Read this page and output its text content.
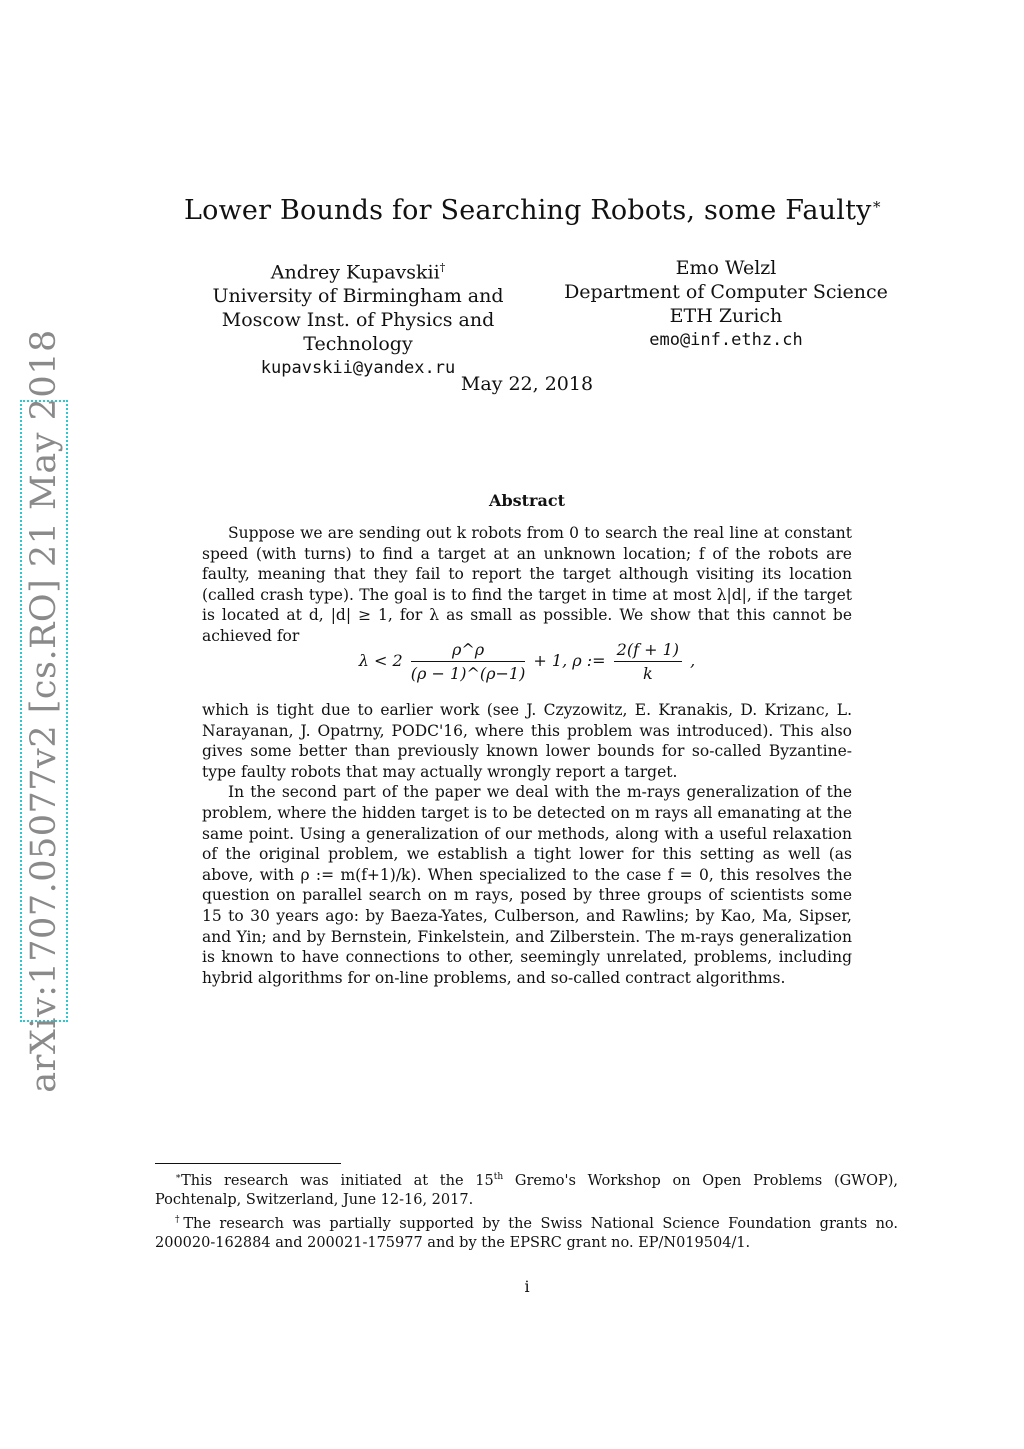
arXiv:1707.05077v2 [cs.RO] 21 May 2018
Lower Bounds for Searching Robots, some Faulty∗
Andrey Kupavskii†
University of Birmingham and
Moscow Inst. of Physics and Technology
kupavskii@yandex.ru
Emo Welzl
Department of Computer Science
ETH Zurich
emo@inf.ethz.ch
May 22, 2018
Abstract

Suppose we are sending out k robots from 0 to search the real line at constant speed (with turns) to find a target at an unknown location; f of the robots are faulty, meaning that they fail to report the target although visiting its location (called crash type). The goal is to find the target in time at most λ|d|, if the target is located at d, |d| ≥ 1, for λ as small as possible. We show that this cannot be achieved for

$\lambda < 2 \frac{\rho\^{}\rho}{(\rho - 1)\^{}(\rho-1)} + 1$, ρ := $\frac{2(f + 1)}{k}$ ,

which is tight due to earlier work (see J. Czyzowitz, E. Kranakis, D. Krizanc, L. Narayanan, J. Opatrny, PODC'16, where this problem was introduced). This also gives some better than previously known lower bounds for so-called Byzantine-type faulty robots that may actually wrongly report a target.

In the second part of the paper we deal with the m-rays generalization of the problem, where the hidden target is to be detected on m rays all emanating at the same point. Using a generalization of our methods, along with a useful relaxation of the original problem, we establish a tight lower for this setting as well (as above, with ρ := m(f+1)/k). When specialized to the case f = 0, this resolves the question on parallel search on m rays, posed by three groups of scientists some 15 to 30 years ago: by Baeza-Yates, Culberson, and Rawlins; by Kao, Ma, Sipser, and Yin; and by Bernstein, Finkelstein, and Zilberstein. The m-rays generalization is known to have connections to other, seemingly unrelated, problems, including hybrid algorithms for on-line problems, and so-called contract algorithms.

∗This research was initiated at the 15th Gremo's Workshop on Open Problems (GWOP), Pochtenalp, Switzerland, June 12-16, 2017.

†The research was partially supported by the Swiss National Science Foundation grants no. 200020-162884 and 200021-175977 and by the EPSRC grant no. EP/N019504/1.

i
